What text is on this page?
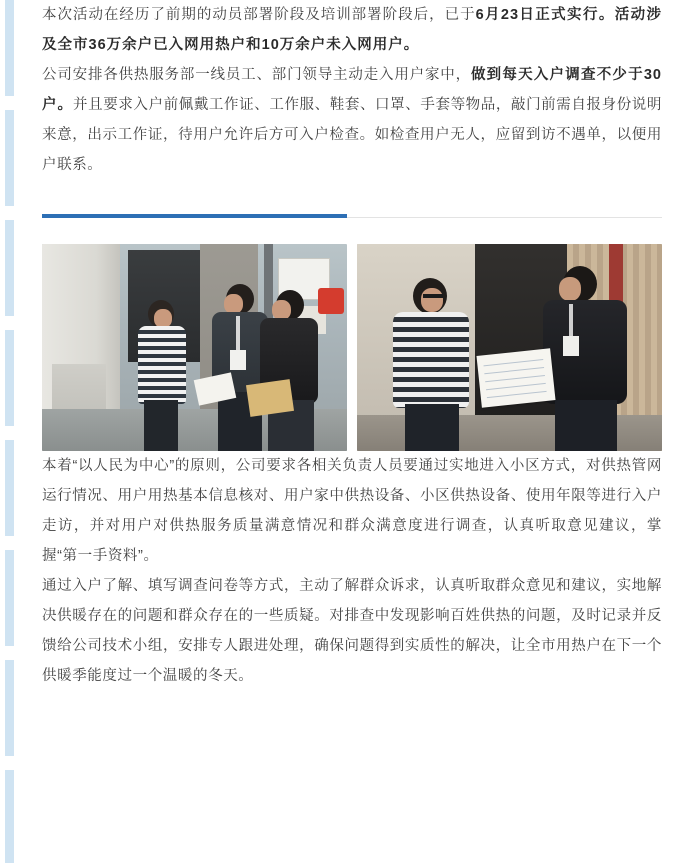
本次活动在经历了前期的动员部署阶段及培训部署阶段后，已于6月23日正式实行。活动涉及全市36万余户已入网用热户和10万余户未入网用户。

公司安排各供热服务部一线员工、部门领导主动走入用户家中，做到每天入户调查不少于30户。并且要求入户前佩戴工作证、工作服、鞋套、口罩、手套等物品，敲门前需自报身份说明来意，出示工作证，待用户允许后方可入户检查。如检查用户无人，应留到访不遇单，以便用户联系。

本着“以人民为中心”的原则，公司要求各相关负责人员要通过实地进入小区方式，对供热管网运行情况、用户用热基本信息核对、用户家中供热设备、小区供热设备、使用年限等进行入户走访，并对用户对供热服务质量满意情况和群众满意度进行调查，认真听取意见建议，掌握“第一手资料”。

通过入户了解、填写调查问卷等方式，主动了解群众诉求，认真听取群众意见和建议，实地解决供暖存在的问题和群众存在的一些质疑。对排查中发现影响百姓供热的问题，及时记录并反馈给公司技术小组，安排专人跟进处理，确保问题得到实质性的解决，让全市用热户在下一个供暖季能度过一个温暖的冬天。
